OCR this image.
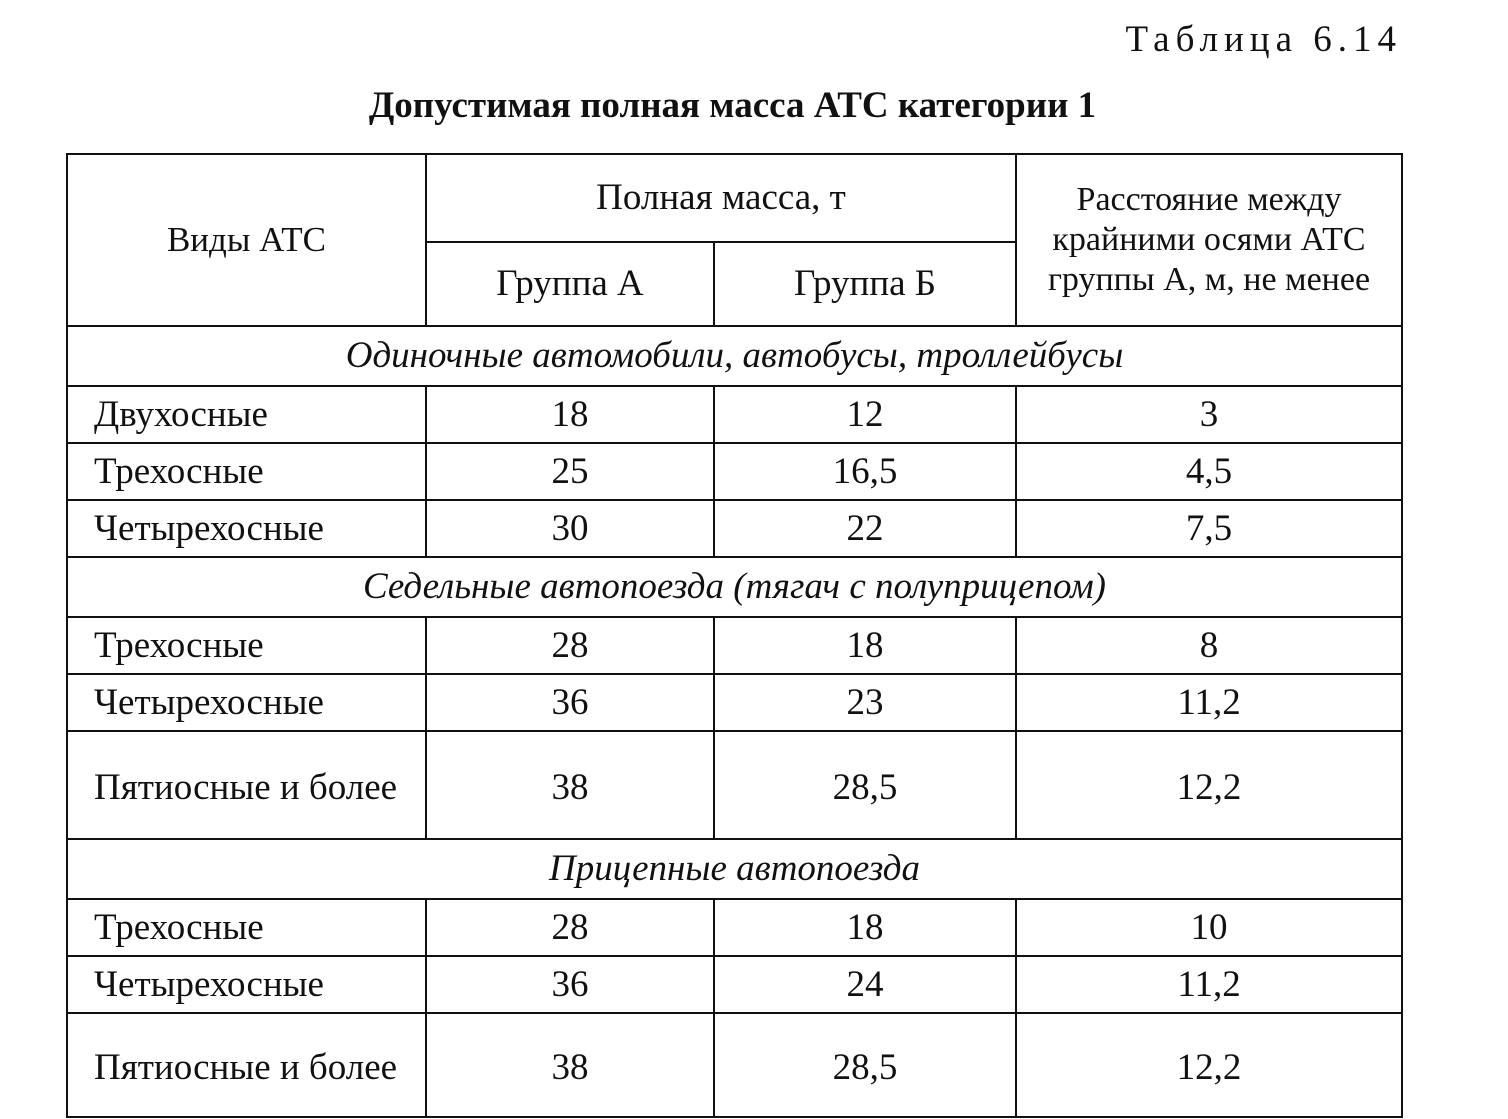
Таблица 6.14
Допустимая полная масса АТС категории 1
Виды АТС	Полная масса, т		Расстояние между крайними осями АТС группы А, м, не менее
	Группа А	Группа Б	
Одиночные автомобили, автобусы, троллейбусы			
Двухосные	18	12	3
Трехосные	25	16,5	4,5
Четырехосные	30	22	7,5
Седельные автопоезда (тягач с полуприцепом)			
Трехосные	28	18	8
Четырехосные	36	23	11,2
Пятиосные и более	38	28,5	12,2
Прицепные автопоезда			
Трехосные	28	18	10
Четырехосные	36	24	11,2
Пятиосные и более	38	28,5	12,2
